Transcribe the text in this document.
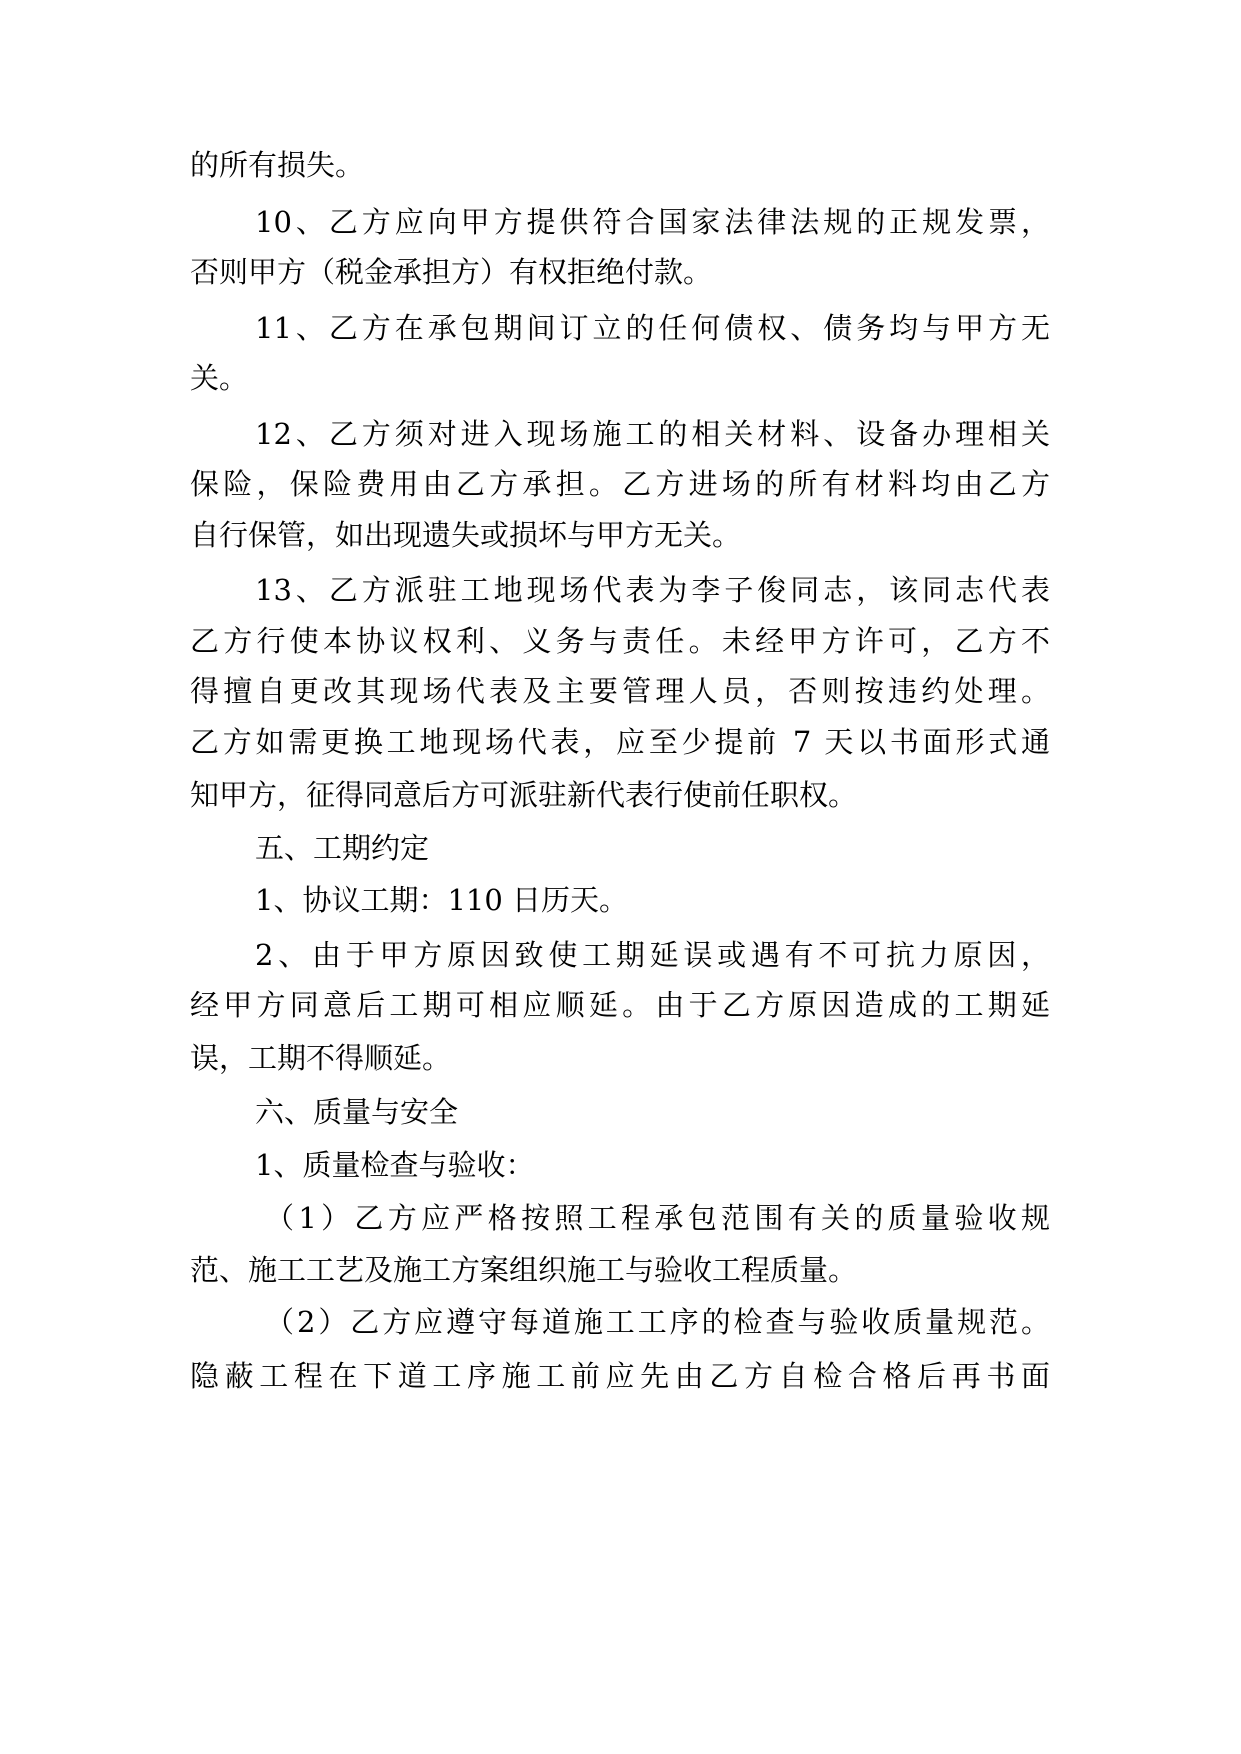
的所有损失。
10、乙方应向甲方提供符合国家法律法规的正规发票，
否则甲方（税金承担方）有权拒绝付款。
11、乙方在承包期间订立的任何债权、债务均与甲方无
关。
12、乙方须对进入现场施工的相关材料、设备办理相关
保险，保险费用由乙方承担。乙方进场的所有材料均由乙方
自行保管，如出现遗失或损坏与甲方无关。
13、乙方派驻工地现场代表为李子俊同志，该同志代表
乙方行使本协议权利、义务与责任。未经甲方许可，乙方不
得擅自更改其现场代表及主要管理人员，否则按违约处理。
乙方如需更换工地现场代表，应至少提前 7 天以书面形式通
知甲方，征得同意后方可派驻新代表行使前任职权。
五、工期约定
1、协议工期：110 日历天。
2、由于甲方原因致使工期延误或遇有不可抗力原因，
经甲方同意后工期可相应顺延。由于乙方原因造成的工期延
误，工期不得顺延。
六、质量与安全
1、质量检查与验收：
（1）乙方应严格按照工程承包范围有关的质量验收规
范、施工工艺及施工方案组织施工与验收工程质量。
（2）乙方应遵守每道施工工序的检查与验收质量规范。
隐蔽工程在下道工序施工前应先由乙方自检合格后再书面
